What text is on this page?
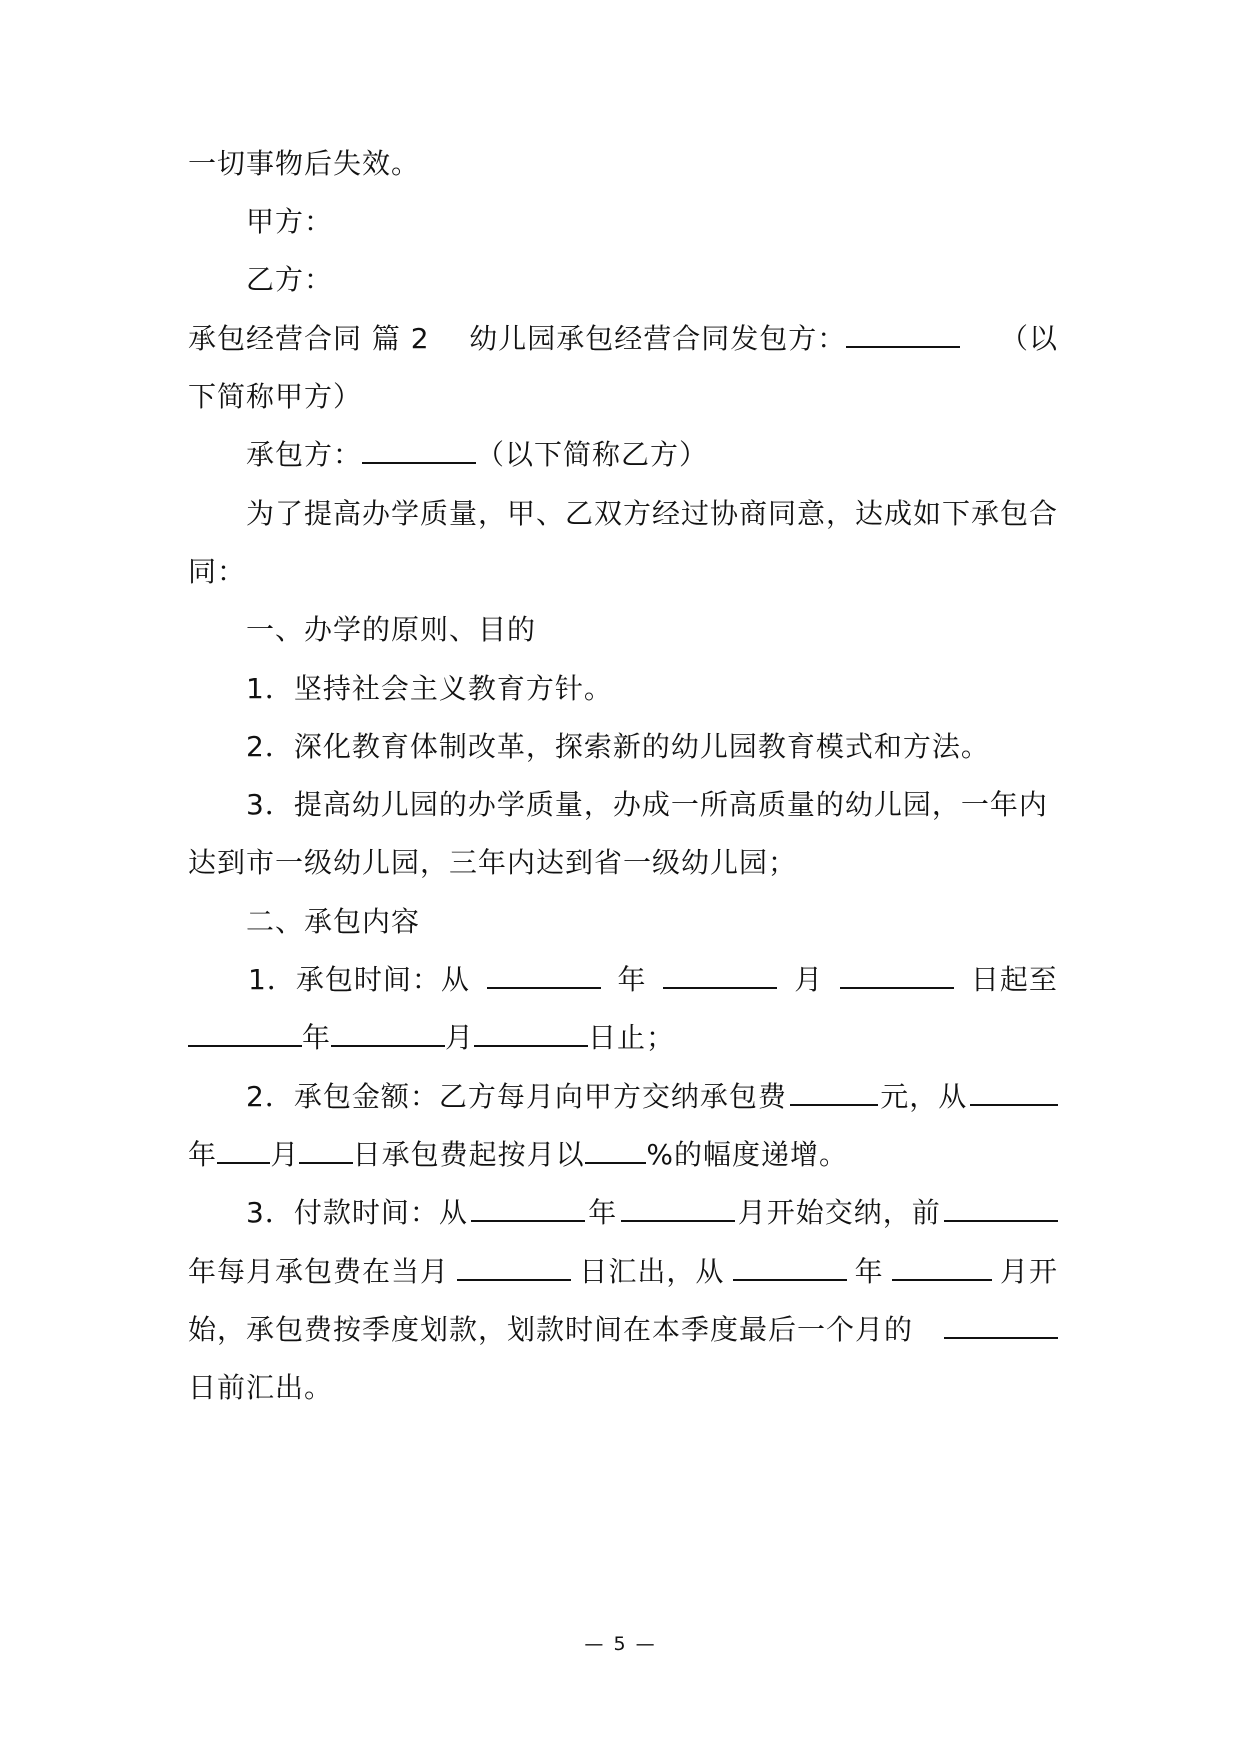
一切事物后失效。
甲方：
乙方：
承包经营合同 篇 2 幼儿园承包经营合同发包方：	（以
下简称甲方）
承包方：	（以下简称乙方）
为了提高办学质量，甲、乙双方经过协商同意，达成如下承包合
同：
一、办学的原则、目的
1．坚持社会主义教育方针。
2．深化教育体制改革，探索新的幼儿园教育模式和方法。
3．提高幼儿园的办学质量，办成一所高质量的幼儿园，一年内
达到市一级幼儿园，三年内达到省一级幼儿园；
二、承包内容
1．承包时间：从	年	月	日起至
年	月	日止；
2．承包金额：乙方每月向甲方交纳承包费	元，从
年 月 日承包费起按月以 %的幅度递增。
3．付款时间：从	年	月开始交纳，前
年每月承包费在当月	日汇出，从	年	月开
始，承包费按季度划款，划款时间在本季度最后一个月的
日前汇出。
— 5 —
